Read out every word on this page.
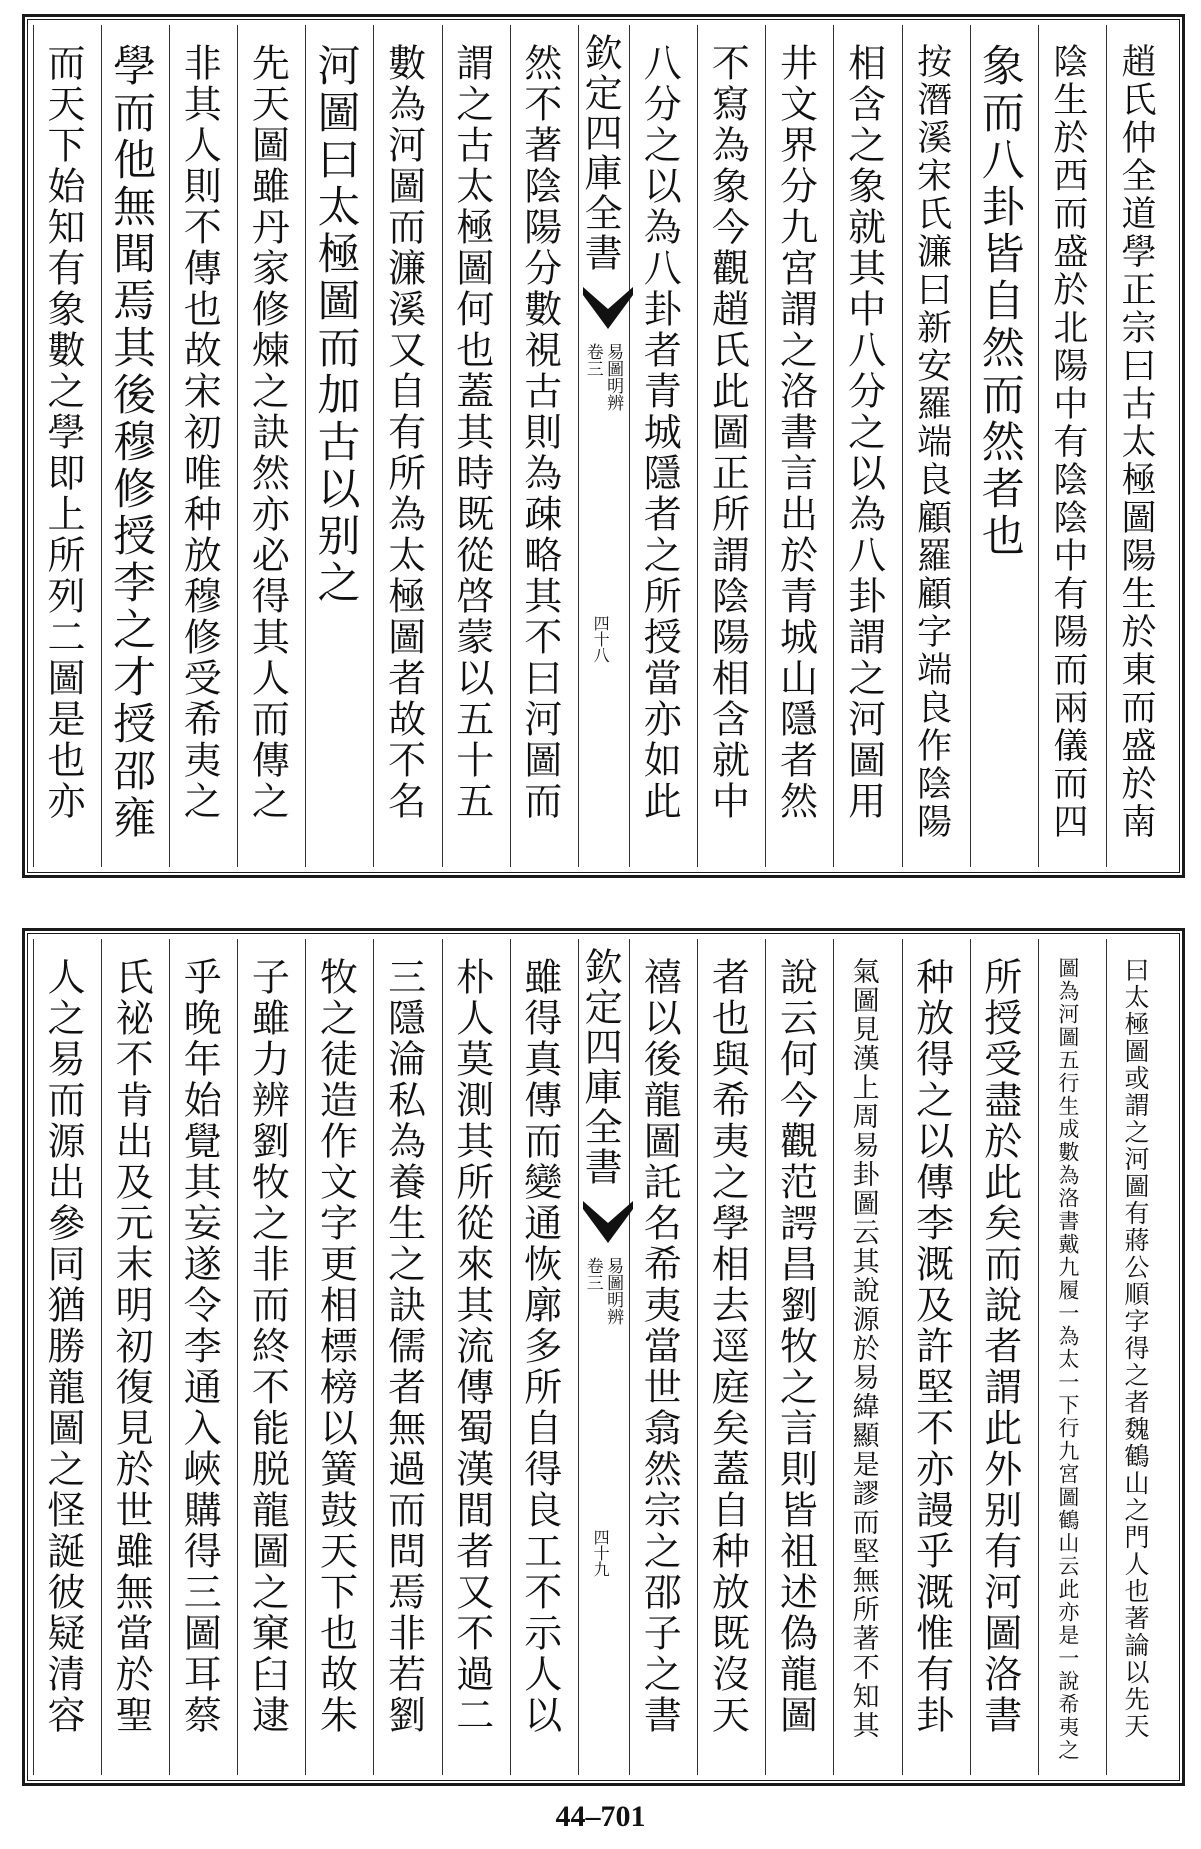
趙氏仲全道學正宗曰古太極圖陽生於東而盛於南
陰生於西而盛於北陽中有陰陰中有陽而兩儀而四
象而八卦皆自然而然者也
按潛溪宋氏濂曰新安羅端良顧羅顧字端良作陰陽
相含之象就其中八分之以為八卦謂之河圖用
井文界分九宮謂之洛書言出於青城山隱者然
不寫為象今觀趙氏此圖正所謂陰陽相含就中
八分之以為八卦者青城隱者之所授當亦如此
欽定四庫全書
易圖明辨
卷三
四十八
然不著陰陽分數視古則為疎略其不曰河圖而
謂之古太極圖何也蓋其時既從啓蒙以五十五
數為河圖而濂溪又自有所為太極圖者故不名
河圖曰太極圖而加古以别之
先天圖雖丹家修煉之訣然亦必得其人而傳之
非其人則不傳也故宋初唯种放穆修受希夷之
學而他無聞焉其後穆修授李之才授邵雍
而天下始知有象數之學即上所列二圖是也亦
曰太極圖或謂之河圖有蔣公順字得之者魏鶴山之門人也著論以先天
圖為河圖五行生成數為洛書戴九履一為太一下行九宮圖鶴山云此亦是一說希夷之
所授受盡於此矣而說者謂此外别有河圖洛書
种放得之以傳李溉及許堅不亦謾乎溉惟有卦
氣圖見漢上周易卦圖云其說源於易緯顯是謬而堅無所著不知其
說云何今觀范諤昌劉牧之言則皆祖述偽龍圖
者也與希夷之學相去逕庭矣蓋自种放既沒天
禧以後龍圖託名希夷當世翕然宗之邵子之書
欽定四庫全書
易圖明辨
卷三
四十九
雖得真傳而變通恢廓多所自得良工不示人以
朴人莫測其所從來其流傳蜀漢間者又不過二
三隱淪私為養生之訣儒者無過而問焉非若劉
牧之徒造作文字更相標榜以簧鼓天下也故朱
子雖力辨劉牧之非而終不能脱龍圖之窠臼逮
乎晚年始覺其妄遂令李通入峽購得三圖耳蔡
氏祕不肯出及元末明初復見於世雖無當於聖
人之易而源出參同猶勝龍圖之怪誕彼疑清容
44–701
